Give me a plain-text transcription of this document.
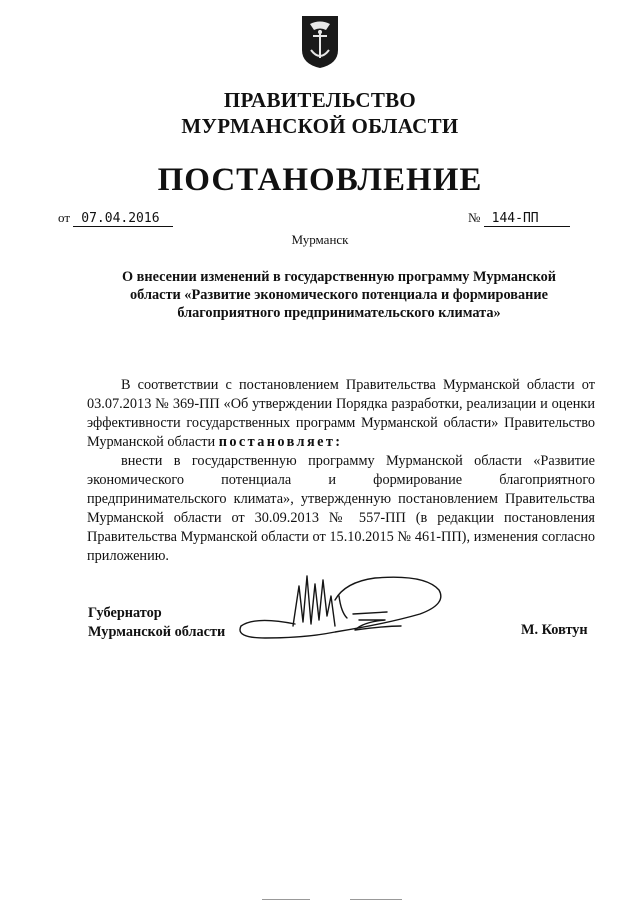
ПРАВИТЕЛЬСТВО
МУРМАНСКОЙ ОБЛАСТИ
ПОСТАНОВЛЕНИЕ
от 07.04.2016	№ 144-ПП
Мурманск
О внесении изменений в государственную программу Мурманской области «Развитие экономического потенциала и формирование благоприятного предпринимательского климата»

В соответствии с постановлением Правительства Мурманской области от 03.07.2013 № 369-ПП «Об утверждении Порядка разработки, реализации и оценки эффективности государственных программ Мурманской области» Правительство Мурманской области постановляет:

внести в государственную программу Мурманской области «Развитие экономического потенциала и формирование благоприятного предпринимательского климата», утвержденную постановлением Правительства Мурманской области от 30.09.2013 № 557-ПП (в редакции постановления Правительства Мурманской области от 15.10.2015 № 461-ПП), изменения согласно приложению.

Губернатор
Мурманской области	М. Ковтун
